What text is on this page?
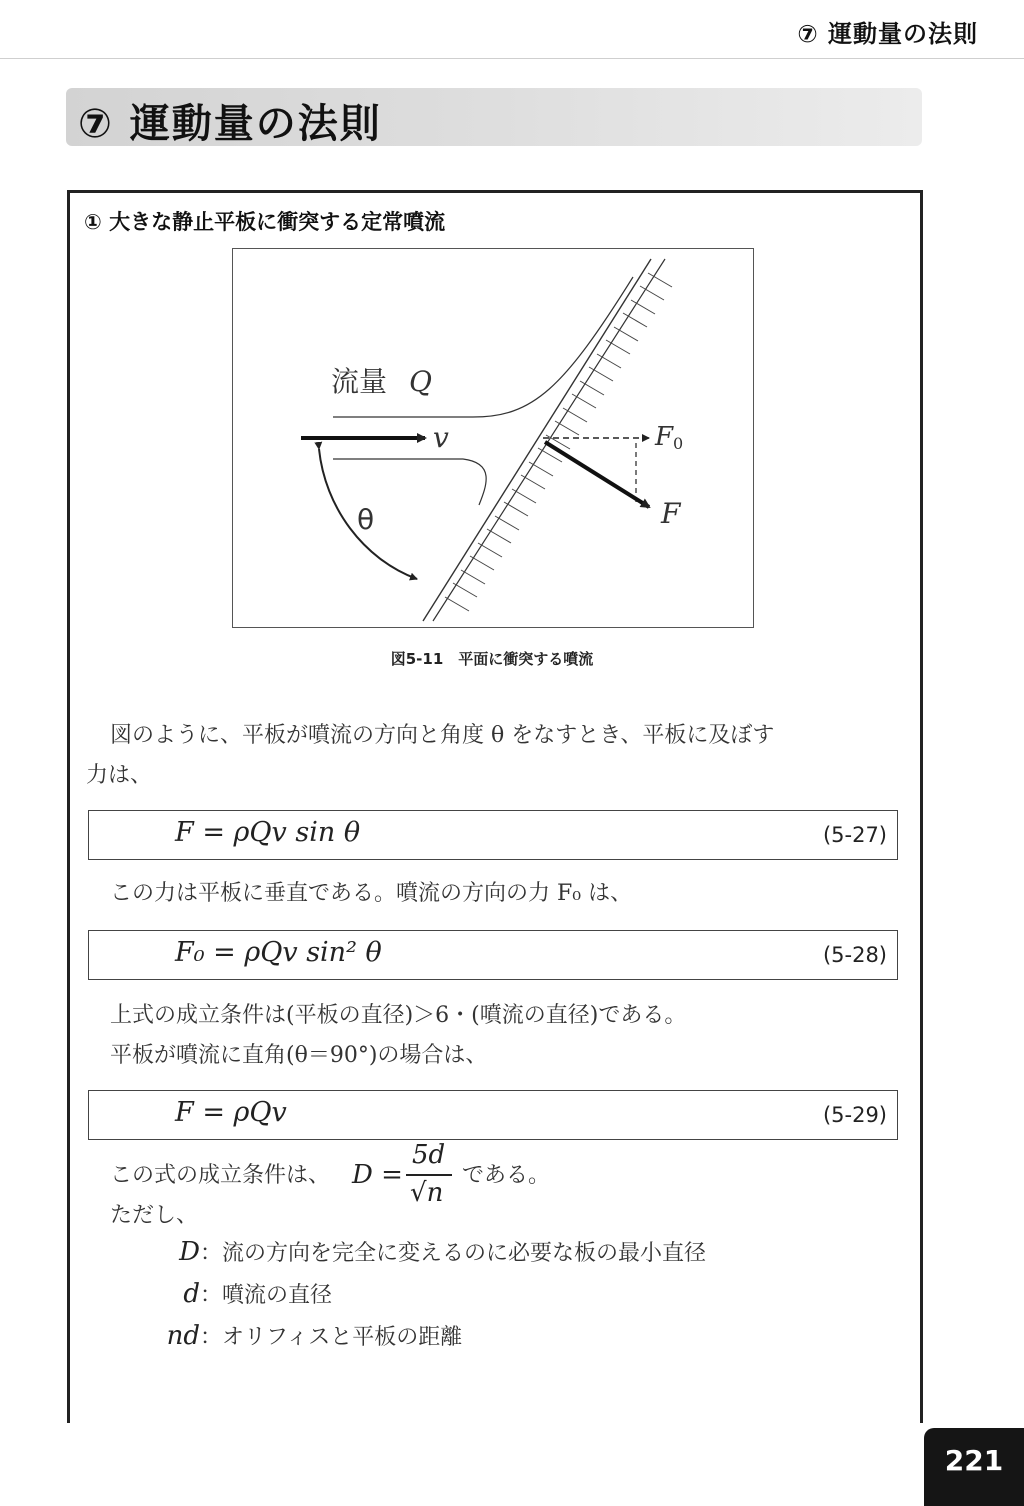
⑦ 運動量の法則
⑦ 運動量の法則
① 大きな静止平板に衝突する定常噴流
流量 Q
v
θ
F 0
F
図5-11　平面に衝突する噴流
図のように、平板が噴流の方向と角度 θ をなすとき、平板に及ぼす
力は、
F = ρQv sin θ	(5-27)
この力は平板に垂直である。噴流の方向の力 F₀ は、
F₀ = ρQv sin² θ	(5-28)
上式の成立条件は(平板の直径)＞6・(噴流の直径)である。
平板が噴流に直角(θ＝90°)の場合は、
F = ρQv	(5-29)
この式の成立条件は、 D =
5d
√n
である。
ただし、
D：流の方向を完全に変えるのに必要な板の最小直径
d：噴流の直径
nd：オリフィスと平板の距離
221
